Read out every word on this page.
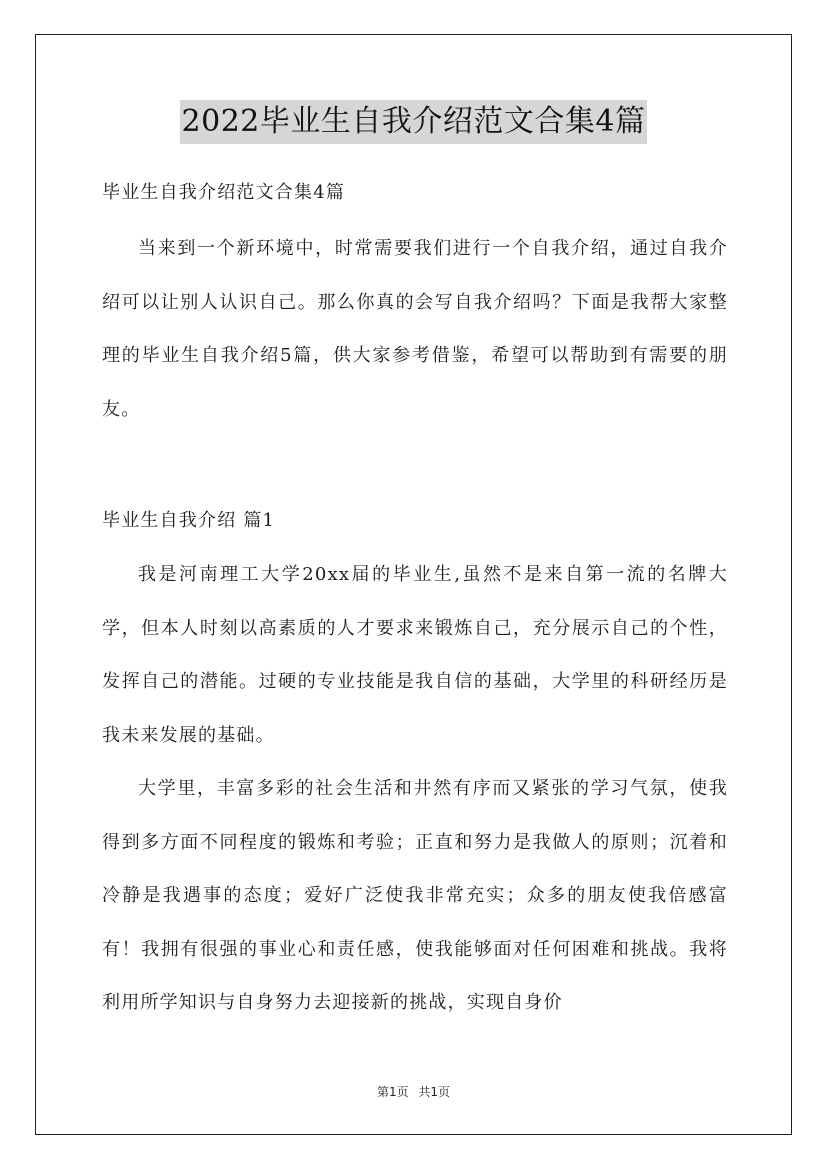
2022毕业生自我介绍范文合集4篇

毕业生自我介绍范文合集4篇

当来到一个新环境中，时常需要我们进行一个自我介绍，通过自我介绍可以让别人认识自己。那么你真的会写自我介绍吗？下面是我帮大家整理的毕业生自我介绍5篇，供大家参考借鉴，希望可以帮助到有需要的朋友。

毕业生自我介绍 篇1

我是河南理工大学20xx届的毕业生,虽然不是来自第一流的名牌大学，但本人时刻以高素质的人才要求来锻炼自己，充分展示自己的个性，发挥自己的潜能。过硬的专业技能是我自信的基础，大学里的科研经历是我未来发展的基础。

大学里，丰富多彩的社会生活和井然有序而又紧张的学习气氛，使我得到多方面不同程度的锻炼和考验；正直和努力是我做人的原则；沉着和冷静是我遇事的态度；爱好广泛使我非常充实；众多的朋友使我倍感富有！我拥有很强的事业心和责任感，使我能够面对任何困难和挑战。我将利用所学知识与自身努力去迎接新的挑战，实现自身价

第1页 共1页
